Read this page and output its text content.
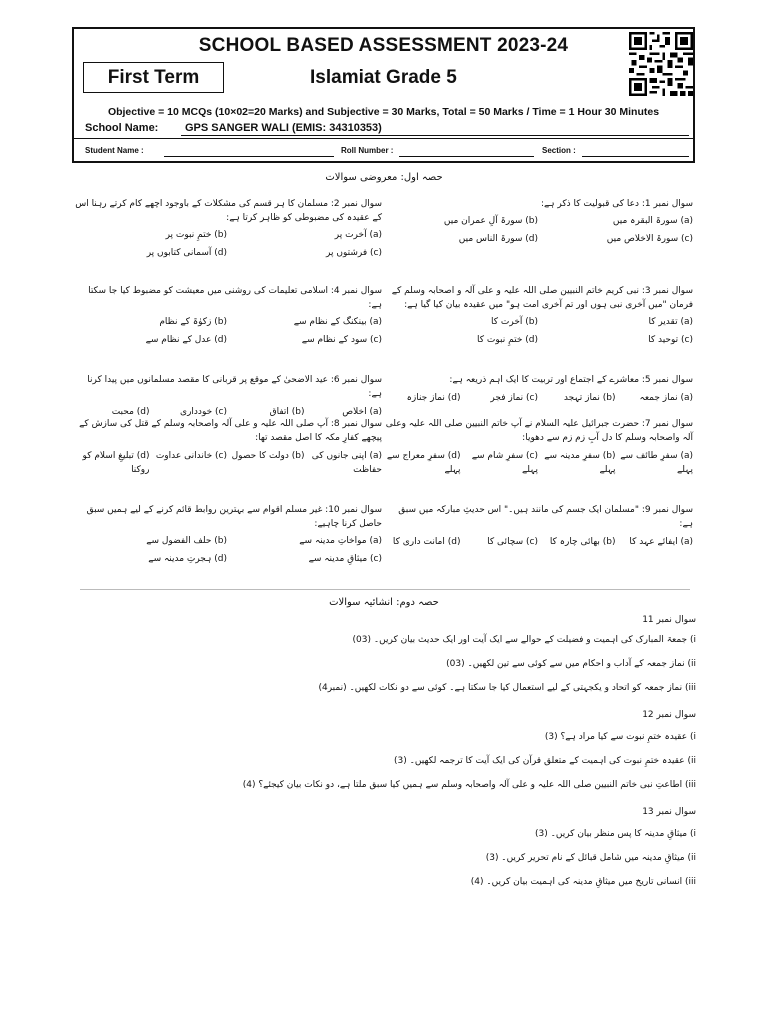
SCHOOL BASED ASSESSMENT 2023-24
First Term	Islamiat Grade 5
Objective = 10 MCQs (10×02=20 Marks) and Subjective = 30 Marks, Total = 50 Marks / Time = 1 Hour 30 Minutes
School Name: GPS SANGER WALI (EMIS: 34310353)
Student Name :	Roll Number :	Section :
حصہ اول: معروضی سوالات
سوال نمبر 1: دعا کی قبولیت کا ذکر ہے:
(a) سورۃ البقرہ میں
(b) سورۃ آلِ عمران میں
(c) سورۃ الاخلاص میں
(d) سورۃ الناس میں
سوال نمبر 2: مسلمان کا ہر قسم کی مشکلات کے باوجود اچھے کام کرتے رہنا اس کے عقیدہ کی مضبوطی کو ظاہر کرتا ہے:
(a) آخرت پر
(b) ختمِ نبوت پر
(c) فرشتوں پر
(d) آسمانی کتابوں پر
سوال نمبر 3: نبی کریم خاتم النبیین صلی اللہ علیہ و علی آلہ و اصحابہ وسلم کے فرمان "میں آخری نبی ہوں اور تم آخری امت ہو" میں عقیدہ بیان کیا گیا ہے:
(a) تقدیر کا
(b) آخرت کا
(c) توحید کا
(d) ختمِ نبوت کا
سوال نمبر 4: اسلامی تعلیمات کی روشنی میں معیشت کو مضبوط کیا جا سکتا ہے:
(a) بینکنگ کے نظام سے
(b) زکوٰۃ کے نظام
(c) سود کے نظام سے
(d) عدل کے نظام سے
سوال نمبر 5: معاشرے کے اجتماع اور تربیت کا ایک اہم ذریعہ ہے:
(a) نماز جمعہ
(b) نماز تہجد
(c) نماز فجر
(d) نماز جنازہ
سوال نمبر 6: عید الاضحیٰ کے موقع پر قربانی کا مقصد مسلمانوں میں پیدا کرنا ہے:
(a) اخلاص
(b) اتفاق
(c) خودداری
(d) محبت
سوال نمبر 7: حضرت جبرائیل علیہ السلام نے آپ خاتم النبیین صلی اللہ علیہ وعلی آلہ واصحابہ وسلم کا دل آبِ زم زم سے دھویا:
(a) سفرِ طائف سے پہلے
(b) سفرِ مدینہ سے پہلے
(c) سفرِ شام سے پہلے
(d) سفرِ معراج سے پہلے
سوال نمبر 8: آپ صلی اللہ علیہ و علی آلہ واصحابہ وسلم کے قتل کی سازش کے پیچھے کفارِ مکہ کا اصل مقصد تھا:
(a) اپنی جانوں کی حفاظت
(b) دولت کا حصول
(c) خاندانی عداوت
(d) تبلیغِ اسلام کو روکنا
سوال نمبر 9: "مسلمان ایک جسم کی مانند ہیں۔" اس حدیثِ مبارکہ میں سبق ہے:
(a) ایفائے عہد کا
(b) بھائی چارہ کا
(c) سچائی کا
(d) امانت داری کا
سوال نمبر 10: غیر مسلم اقوام سے بہترین روابط قائم کرنے کے لیے ہمیں سبق حاصل کرنا چاہیے:
(a) مواخاتِ مدینہ سے
(b) حلف الفضول سے
(c) میثاقِ مدینہ سے
(d) ہجرتِ مدینہ سے
حصہ دوم: انشائیہ سوالات
سوال نمبر 11
i) جمعۃ المبارک کی اہمیت و فضیلت کے حوالے سے ایک آیت اور ایک حدیث بیان کریں۔ (03)
ii) نماز جمعہ کے آداب و احکام میں سے کوئی سے تین لکھیں۔ (03)
iii) نماز جمعہ کو اتحاد و یکجہتی کے لیے استعمال کیا جا سکتا ہے۔ کوئی سے دو نکات لکھیں۔ (نمبر4)
سوال نمبر 12
i) عقیدہ ختمِ نبوت سے کیا مراد ہے؟ (3)
ii) عقیدہ ختمِ نبوت کی اہمیت کے متعلق قرآن کی ایک آیت کا ترجمہ لکھیں۔ (3)
iii) اطاعتِ نبی خاتم النبیین صلی اللہ علیہ و علی آلہ واصحابہ وسلم سے ہمیں کیا سبق ملتا ہے، دو نکات بیان کیجئے؟ (4)
سوال نمبر 13
i) میثاقِ مدینہ کا پس منظر بیان کریں۔ (3)
ii) میثاقِ مدینہ میں شامل قبائل کے نام تحریر کریں۔ (3)
iii) انسانی تاریخ میں میثاقِ مدینہ کی اہمیت بیان کریں۔ (4)
